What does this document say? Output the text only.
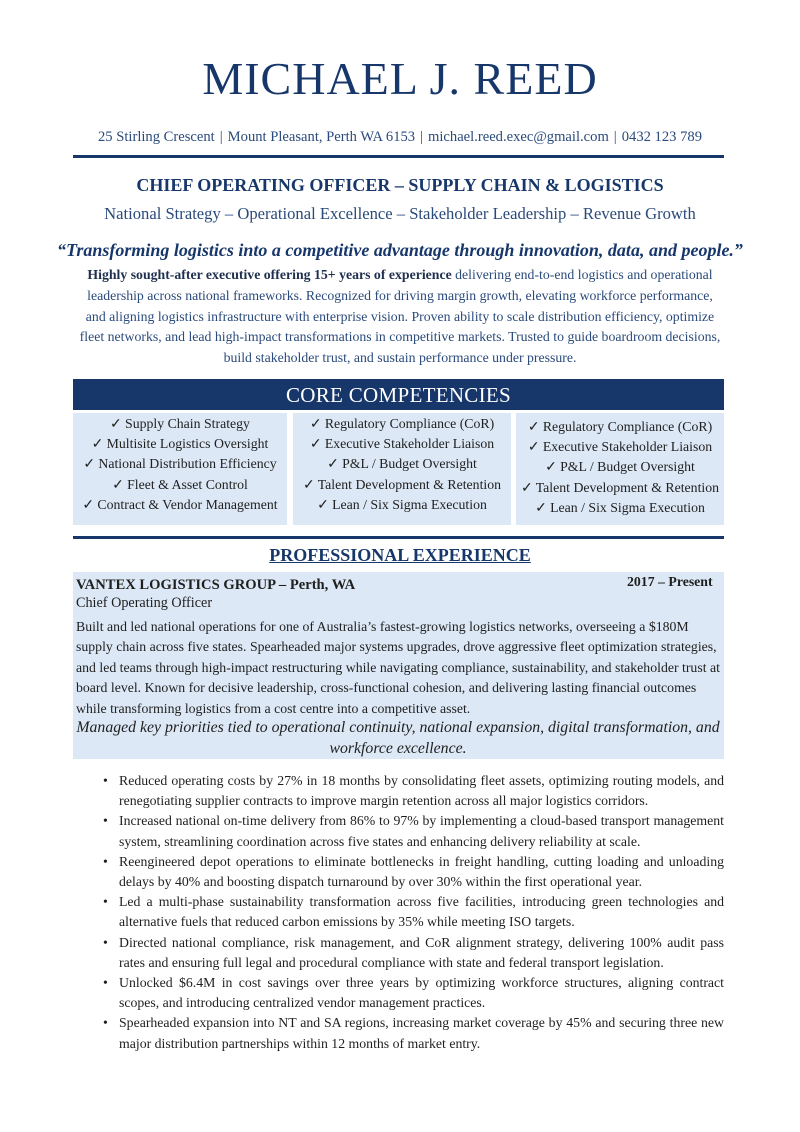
MICHAEL J. REED
25 Stirling Crescent | Mount Pleasant, Perth WA 6153 | michael.reed.exec@gmail.com | 0432 123 789
CHIEF OPERATING OFFICER – SUPPLY CHAIN & LOGISTICS
National Strategy – Operational Excellence – Stakeholder Leadership – Revenue Growth
“Transforming logistics into a competitive advantage through innovation, data, and people.”
Highly sought-after executive offering 15+ years of experience delivering end-to-end logistics and operational leadership across national frameworks. Recognized for driving margin growth, elevating workforce performance, and aligning logistics infrastructure with enterprise vision. Proven ability to scale distribution efficiency, optimize fleet networks, and lead high-impact transformations in competitive markets. Trusted to guide boardroom decisions, build stakeholder trust, and sustain performance under pressure.
CORE COMPETENCIES
✓ Supply Chain Strategy
✓ Multisite Logistics Oversight
✓ National Distribution Efficiency
✓ Fleet & Asset Control
✓ Contract & Vendor Management
✓ Regulatory Compliance (CoR)
✓ Executive Stakeholder Liaison
✓ P&L / Budget Oversight
✓ Talent Development & Retention
✓ Lean / Six Sigma Execution
✓ Regulatory Compliance (CoR)
✓ Executive Stakeholder Liaison
✓ P&L / Budget Oversight
✓ Talent Development & Retention
✓ Lean / Six Sigma Execution
PROFESSIONAL EXPERIENCE
VANTEX LOGISTICS GROUP – Perth, WA	2017 – Present
Chief Operating Officer
Built and led national operations for one of Australia’s fastest-growing logistics networks, overseeing a $180M supply chain across five states. Spearheaded major systems upgrades, drove aggressive fleet optimization strategies, and led teams through high-impact restructuring while navigating compliance, sustainability, and stakeholder trust at board level. Known for decisive leadership, cross-functional cohesion, and delivering lasting financial outcomes while transforming logistics from a cost centre into a competitive asset.
Managed key priorities tied to operational continuity, national expansion, digital transformation, and workforce excellence.
• Reduced operating costs by 27% in 18 months by consolidating fleet assets, optimizing routing models, and renegotiating supplier contracts to improve margin retention across all major logistics corridors.
• Increased national on-time delivery from 86% to 97% by implementing a cloud-based transport management system, streamlining coordination across five states and enhancing delivery reliability at scale.
• Reengineered depot operations to eliminate bottlenecks in freight handling, cutting loading and unloading delays by 40% and boosting dispatch turnaround by over 30% within the first operational year.
• Led a multi-phase sustainability transformation across five facilities, introducing green technologies and alternative fuels that reduced carbon emissions by 35% while meeting ISO targets.
• Directed national compliance, risk management, and CoR alignment strategy, delivering 100% audit pass rates and ensuring full legal and procedural compliance with state and federal transport legislation.
• Unlocked $6.4M in cost savings over three years by optimizing workforce structures, aligning contract scopes, and introducing centralized vendor management practices.
• Spearheaded expansion into NT and SA regions, increasing market coverage by 45% and securing three new major distribution partnerships within 12 months of market entry.
